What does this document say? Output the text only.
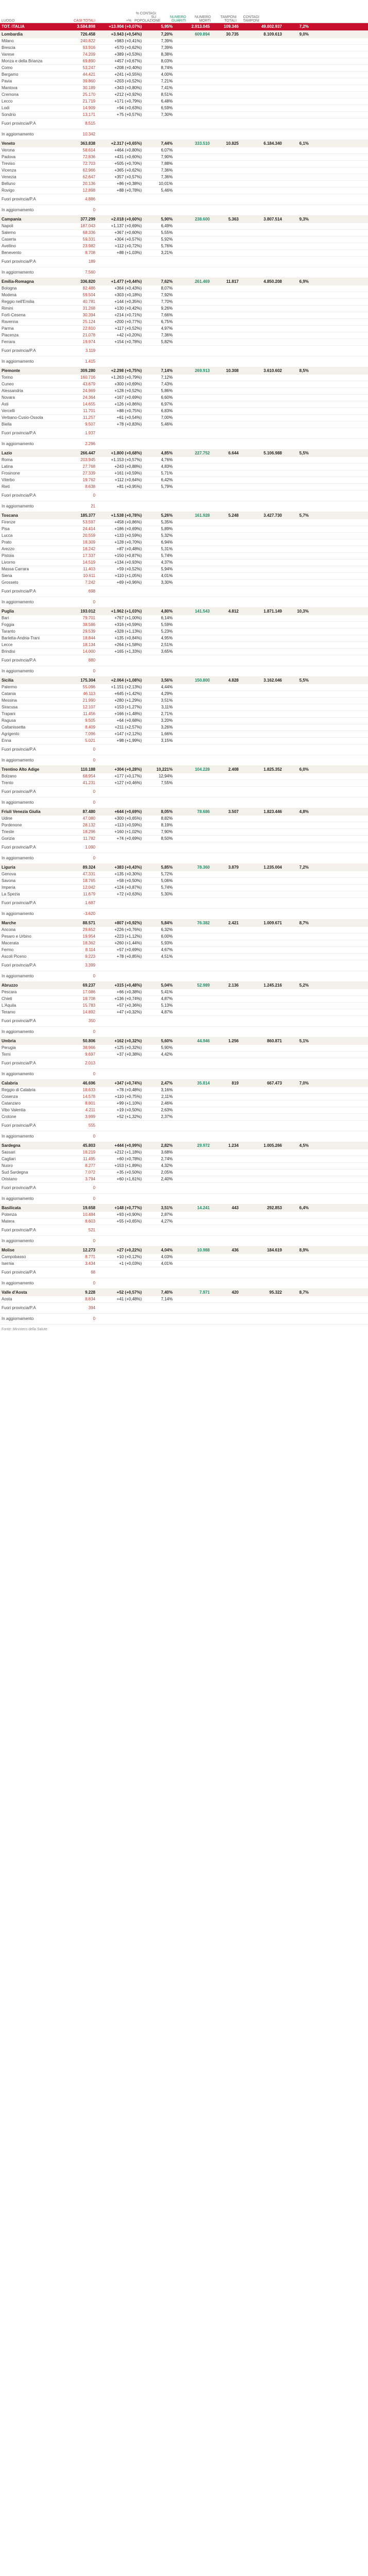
LUOGO	CASI TOTALI	+%
% CONTAGI SU POPOLAZIONE
NUMERO GUARITI
NUMERO MORTI
TAMPONI TOTALI
CONTAGI TAMPONI
TOT. ITALIA	3.584.898	+13.904 (+0,07%)	5,95%	2.913.045	109.346	49.802.937	7,2%		
Lombardia	726.458	+3.943 (+0,54%)	7,20%	609.894	30.735	8.109.613	9,0%		
Milano	240.822	+983 (+0,41%)	7,39%						
Brescia	93.916	+570 (+0,62%)	7,39%						
Varese	74.209	+389 (+0,53%)	8,38%						
Monza e della Brianza	69.890	+457 (+0,67%)	8,03%						
Como	53.247	+208 (+0,40%)	8,74%						
Bergamo	44.421	+241 (+0,55%)	4,00%						
Pavia	39.860	+203 (+0,52%)	7,21%						
Mantova	30.189	+343 (+0,80%)	7,41%						
Cremona	25.170	+212 (+0,92%)	8,51%						
Lecco	21.719	+171 (+0,79%)	6,48%						
Lodi	14.909	+94 (+0,63%)	6,59%						
Sondrio	13.171	+75 (+0,57%)	7,30%						
Fuori provincia/P.A	8.515								
In aggiornamento	10.342								
Veneto	363.838	+2.317 (+0,65%)	7,44%	333.510	10.825	6.184.340	6,1%		
Verona	58.614	+464 (+0,80%)	6,07%						
Padova	72.836	+431 (+0,60%)	7,90%						
Treviso	72.703	+505 (+0,70%)	7,88%						
Vicenza	62.966	+365 (+0,62%)	7,36%						
Venezia	62.647	+357 (+0,57%)	7,36%						
Belluno	20.136	+86 (+0,38%)	10,01%						
Rovigo	12.898	+88 (+0,78%)	5,46%						
Fuori provincia/P.A	4.886								
In aggiornamento	0								
Campania	377.299	+2.018 (+0,60%)	5,90%	238.600	5.363	3.807.514	9,3%		
Napoli	187.043	+1.137 (+0,69%)	6,49%						
Salerno	68.336	+367 (+0,60%)	5,55%						
Caserta	59.331	+304 (+0,57%)	5,92%						
Avellino	23.982	+112 (+0,72%)	5,76%						
Benevento	8.708	+88 (+1,03%)	3,21%						
Fuori provincia/P.A	189								
In aggiornamento	7.560								
Emilia-Romagna	336.820	+1.477 (+0,44%)	7,62%	261.469	11.817	4.850.208	6,9%		
Bologna	82.486	+364 (+0,43%)	8,07%						
Modena	59.504	+303 (+0,18%)	7,92%						
Reggio nell'Emilia	40.781	+144 (+0,35%)	7,70%						
Rimini	31.268	+130 (+0,42%)	9,26%						
Forlì-Cesena	30.394	+214 (+0,71%)	7,66%						
Ravenna	25.124	+200 (+0,77%)	6,75%						
Parma	22.810	+117 (+0,52%)	4,97%						
Piacenza	21.078	+42 (+0,20%)	7,36%						
Ferrara	19.974	+154 (+0,78%)	5,82%						
Fuori provincia/P.A	3.119								
In aggiornamento	1.415								
Piemonte	309.280	+2.298 (+0,75%)	7,14%	269.913	10.308	3.610.602	8,5%		
Torino	160.716	+1.263 (+0,79%)	7,12%						
Cuneo	43.679	+300 (+0,69%)	7,43%						
Alessandria	24.969	+128 (+0,52%)	5,86%						
Novara	24.364	+167 (+0,69%)	6,60%						
Asti	14.655	+126 (+0,86%)	6,97%						
Vercelli	11.701	+88 (+0,75%)	6,83%						
Verbano-Cusio-Ossola	11.257	+61 (+0,54%)	7,00%						
Biella	9.507	+78 (+0,83%)	5,46%						
Fuori provincia/P.A	1.937								
In aggiornamento	2.296								
Lazio	266.447	+1.800 (+0,68%)	4,85%	227.752	6.644	5.106.988	5,5%		
Roma	203.945	+1.153 (+0,57%)	4,76%						
Latina	27.768	+243 (+0,88%)	4,83%						
Frosinone	27.339	+161 (+0,59%)	5,71%						
Viterbo	19.762	+112 (+0,64%)	6,42%						
Rieti	8.638	+81 (+0,95%)	5,79%						
Fuori provincia/P.A	0								
In aggiornamento	21								
Toscana	185.377	+1.538 (+0,78%)	5,26%	161.928	5.248	3.427.730	5,7%		
Firenze	53.597	+458 (+0,86%)	5,35%						
Pisa	24.414	+186 (+0,69%)	5,89%						
Lucca	20.559	+133 (+0,59%)	5,32%						
Prato	18.309	+128 (+0,70%)	6,94%						
Arezzo	18.242	+87 (+0,48%)	5,31%						
Pistoia	17.337	+150 (+0,87%)	5,74%						
Livorno	14.519	+134 (+0,93%)	4,37%						
Massa Carrara	11.403	+59 (+0,52%)	5,94%						
Siena	10.611	+110 (+1,05%)	4,01%						
Grosseto	7.242	+69 (+0,96%)	3,30%						
Fuori provincia/P.A	698								
In aggiornamento	0								
Puglia	193.012	+1.962 (+1,03%)	4,80%	141.543	4.812	1.871.149	10,3%		
Bari	79.701	+767 (+1,00%)	6,14%						
Foggia	38.586	+316 (+0,59%)	5,59%						
Taranto	29.539	+328 (+1,13%)	5,23%						
Barletta-Andria-Trani	18.844	+135 (+0,84%)	4,95%						
Lecce	18.134	+264 (+1,58%)	2,51%						
Brindisi	14.000	+165 (+1,33%)	3,65%						
Fuori provincia/P.A	880								
In aggiornamento	0								
Sicilia	175.304	+2.064 (+1,08%)	3,56%	150.800	4.828	3.162.046	5,5%		
Palermo	55.096	+1.151 (+2,13%)	4,44%						
Catania	46.113	+645 (+1,42%)	4,29%						
Messina	21.990	+280 (+1,29%)	3,51%						
Siracusa	12.107	+153 (+1,27%)	3,11%						
Trapani	11.456	+166 (+1,48%)	2,71%						
Ragusa	9.505	+64 (+0,68%)	3,20%						
Caltanissetta	8.409	+211 (+2,57%)	3,26%						
Agrigento	7.096	+147 (+2,12%)	1,66%						
Enna	5.021	+98 (+1,99%)	3,15%						
Fuori provincia/P.A	0								
In aggiornamento	0								
Trentino Alto Adige	110.188	+304 (+0,28%)	10,221%	104.228	2.408	1.825.352	6,0%		
Bolzano	68.954	+177 (+0,17%)	12,94%						
Trento	41.231	+127 (+0,46%)	7,55%						
Fuori provincia/P.A	0								
In aggiornamento	0								
Friuli Venezia Giulia	87.480	+644 (+0,69%)	8,05%	78.686	3.507	1.823.446	4,8%		
Udine	47.080	+300 (+0,65%)	8,82%						
Pordenone	28.132	+113 (+0,59%)	8,19%						
Trieste	18.296	+160 (+1,02%)	7,90%						
Gorizia	11.782	+74 (+0,69%)	8,50%						
Fuori provincia/P.A	1.090								
In aggiornamento	0								
Liguria	89.324	+383 (+0,43%)	5,85%	78.360	3.879	1.235.004	7,2%		
Genova	47.331	+135 (+0,30%)	5,72%						
Savona	18.765	+58 (+0,50%)	5,06%						
Imperia	12.042	+124 (+0,87%)	5,74%						
La Spezia	11.679	+72 (+0,63%)	5,30%						
Fuori provincia/P.A	1.687								
In aggiornamento	-3.620								
Marche	88.571	+807 (+0,92%)	5,84%	76.382	2.421	1.009.671	8,7%		
Ancona	29.652	+226 (+0,76%)	6,32%						
Pesaro e Urbino	19.954	+223 (+1,12%)	6,00%						
Macerata	18.362	+260 (+1,44%)	5,93%						
Fermo	8.114	+57 (+0,69%)	4,67%						
Ascoli Piceno	9.223	+78 (+0,85%)	4,51%						
Fuori provincia/P.A	3.399								
In aggiornamento	0								
Abruzzo	69.237	+315 (+0,48%)	5,04%	52.989	2.136	1.245.216	5,2%		
Pescara	17.086	+66 (+0,38%)	5,41%						
Chieti	18.708	+136 (+0,74%)	4,87%						
L'Aquila	15.783	+57 (+0,36%)	5,13%						
Teramo	14.892	+47 (+0,32%)	4,87%						
Fuori provincia/P.A	350								
In aggiornamento	0								
Umbria	50.806	+162 (+0,32%)	5,60%	44.946	1.256	860.871	5,1%		
Perugia	38.966	+125 (+0,32%)	5,90%						
Terni	9.697	+37 (+0,38%)	4,42%						
Fuori provincia/P.A	2.013								
In aggiornamento	0								
Calabria	46.696	+347 (+0,74%)	2,47%	35.814	819	667.473	7,0%		
Reggio di Calabria	18.633	+78 (+0,48%)	3,16%						
Cosenza	14.578	+110 (+0,75%)	2,11%						
Catanzaro	8.801	+99 (+1,10%)	2,46%						
Vibo Valentia	4.211	+19 (+0,50%)	2,63%						
Crotone	3.999	+52 (+1,32%)	2,37%						
Fuori provincia/P.A	555								
In aggiornamento	0								
Sardegna	45.803	+444 (+0,99%)	2,82%	29.972	1.234	1.005.266	4,5%		
Sassari	18.219	+212 (+1,18%)	3,68%						
Cagliari	11.495	+60 (+0,78%)	2,74%						
Nuoro	8.277	+153 (+1,89%)	4,32%						
Sud Sardegna	7.072	+35 (+0,50%)	2,05%						
Oristano	3.794	+60 (+1,61%)	2,40%						
Fuori provincia/P.A	0								
In aggiornamento	0								
Basilicata	19.658	+148 (+0,77%)	3,51%	14.241	443	292.853	6,4%		
Potenza	10.484	+93 (+0,90%)	2,87%						
Matera	8.603	+55 (+0,65%)	4,27%						
Fuori provincia/P.A	521								
In aggiornamento	0								
Molise	12.273	+27 (+0,22%)	4,04%	10.988	436	184.619	8,9%		
Campobasso	8.771	+10 (+0,12%)	4,03%						
Isernia	3.434	+1 (+0,03%)	4,01%						
Fuori provincia/P.A	68								
In aggiornamento	0								
Valle d'Aosta	9.228	+52 (+0,57%)	7,40%	7.971	420	95.322	8,7%		
Aosta	8.834	+41 (+0,48%)	7,14%						
Fuori provincia/P.A	394								
In aggiornamento	0								
Fonte: Ministero della Salute
